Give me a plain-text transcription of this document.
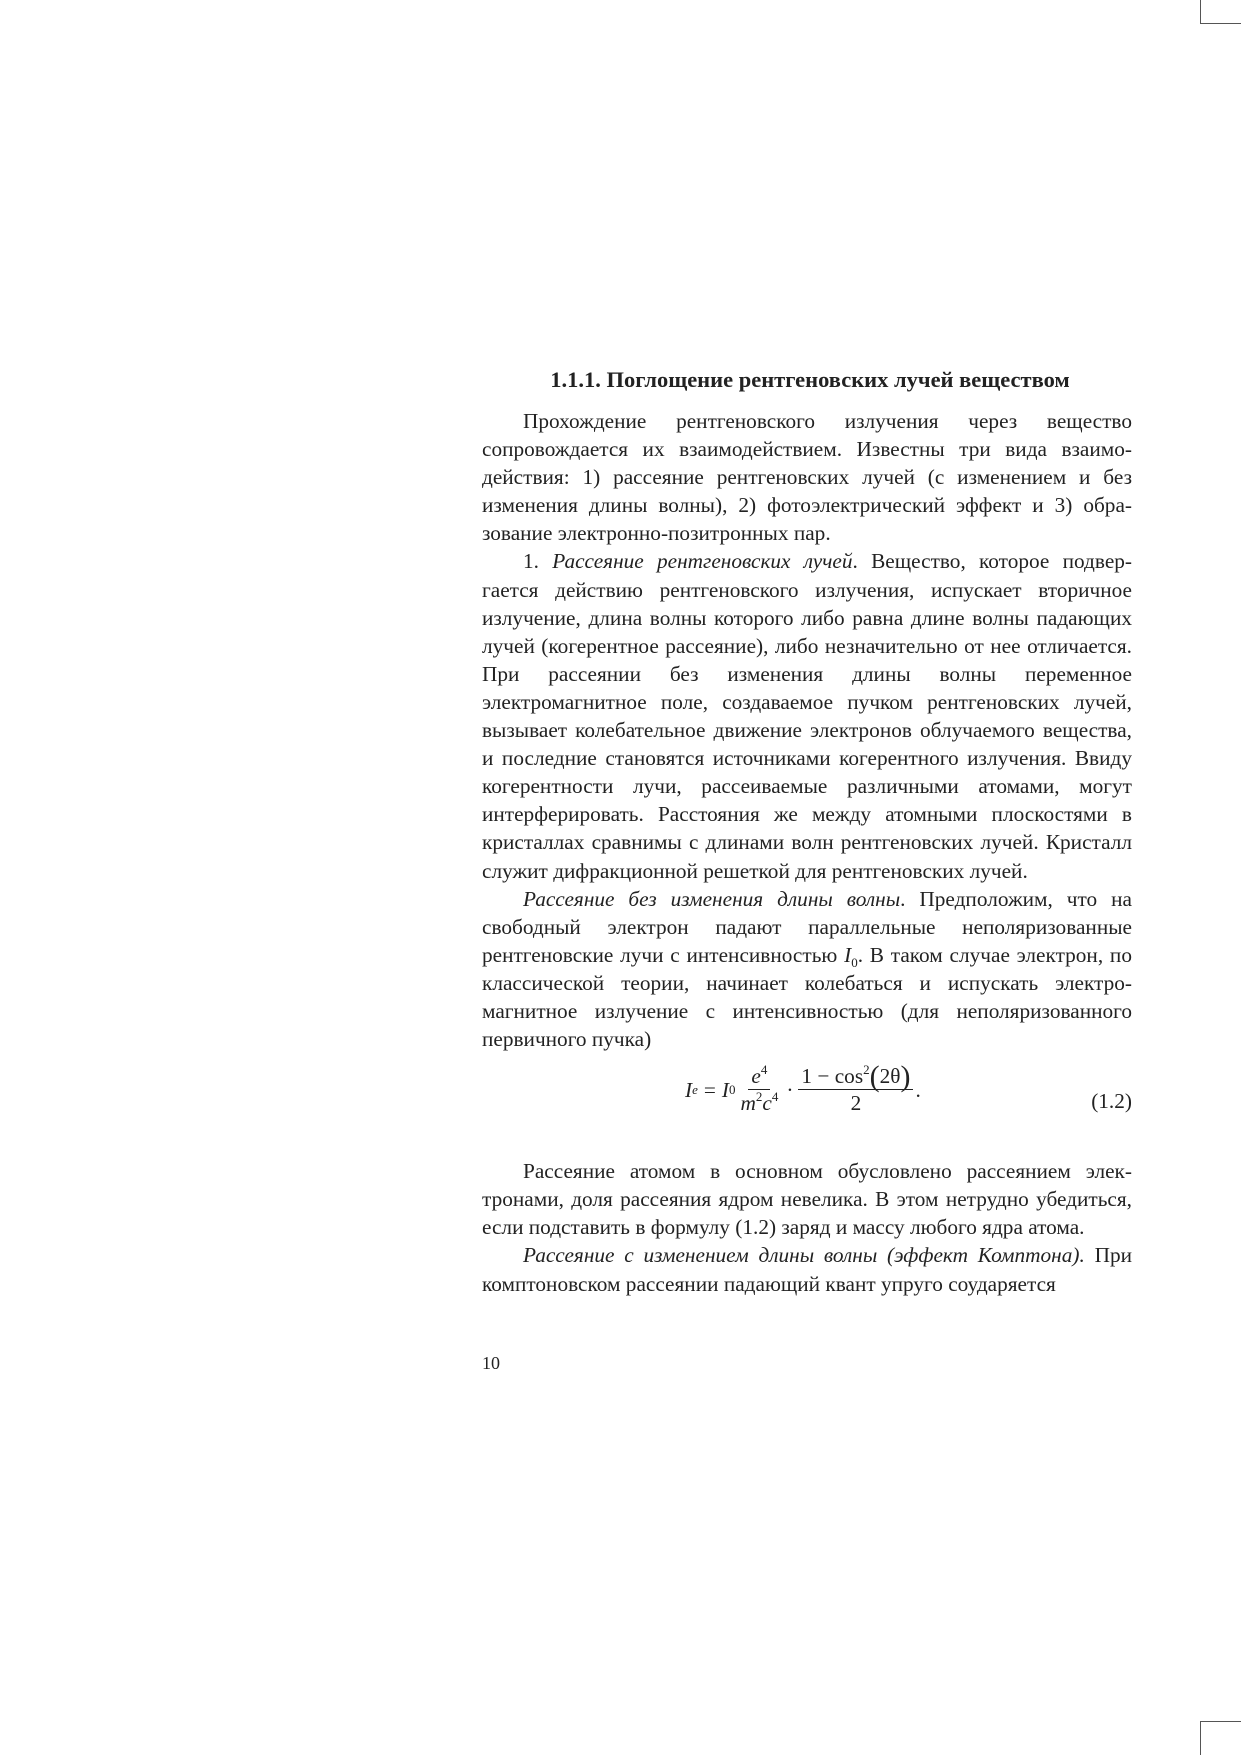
1.1.1. Поглощение рентгеновских лучей веществом

Прохождение рентгеновского излучения через вещество сопровождается их взаимодействием. Известны три вида взаимодействия: 1) рассеяние рентгеновских лучей (с изменением и без изменения длины волны), 2) фотоэлектрический эффект и 3) образование электронно-позитронных пар.

1. Рассеяние рентгеновских лучей. Вещество, которое подвергается действию рентгеновского излучения, испускает вторичное излучение, длина волны которого либо равна длине волны падающих лучей (когерентное рассеяние), либо незначительно от нее отличается. При рассеянии без изменения длины волны переменное электромагнитное поле, создаваемое пучком рентгеновских лучей, вызывает колебательное движение электронов облучаемого вещества, и последние становятся источниками когерентного излучения. Ввиду когерентности лучи, рассеиваемые различными атомами, могут интерферировать. Расстояния же между атомными плоскостями в кристаллах сравнимы с длинами волн рентгеновских лучей. Кристалл служит дифракционной решеткой для рентгеновских лучей.

Рассеяние без изменения длины волны. Предположим, что на свободный электрон падают параллельные неполяризованные рентгеновские лучи с интенсивностью $I_0$. В таком случае электрон, по классической теории, начинает колебаться и испускать электромагнитное излучение с интенсивностью (для неполяризованного первичного пучка)

I e = I $0 \frac{e^4}{m^2c^4} \cdot \frac{1 - \cos^2(2\theta)}{2}$ .	(1.2)

Рассеяние атомом в основном обусловлено рассеянием электронами, доля рассеяния ядром невелика. В этом нетрудно убедиться, если подставить в формулу (1.2) заряд и массу любого ядра атома.

Рассеяние с изменением длины волны (эффект Комптона). При комптоновском рассеянии падающий квант упруго соударяется

10
